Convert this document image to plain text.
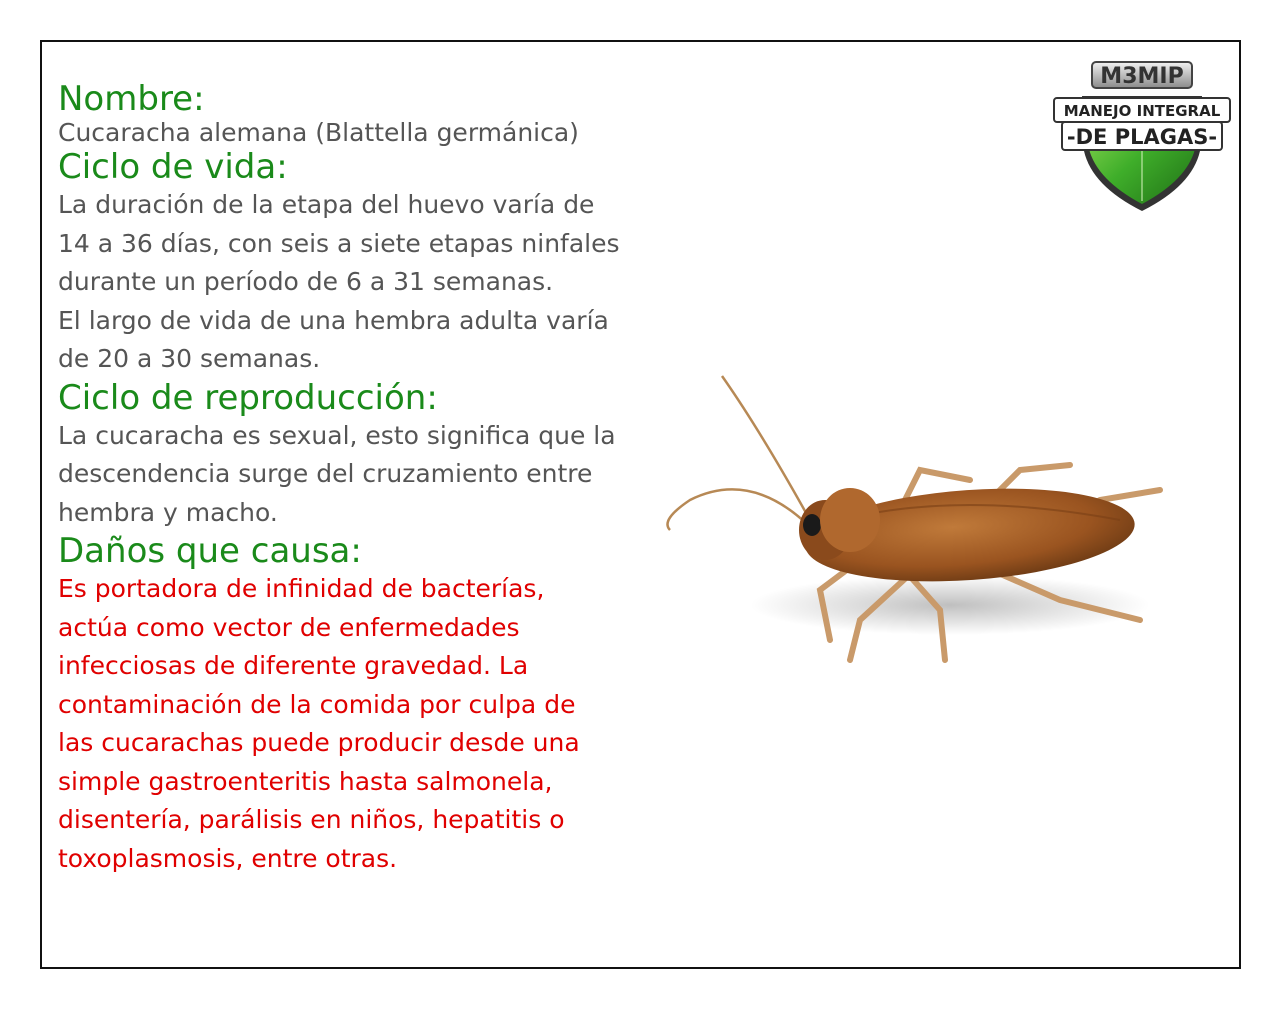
Nombre:

Cucaracha alemana (Blattella germánica)

Ciclo de vida:

La duración de la etapa del huevo varía de

14 a 36 días, con seis a siete etapas ninfales

durante un período de 6 a 31 semanas.

El largo de vida de una hembra adulta varía

de 20 a 30 semanas.

Ciclo de reproducción:

La cucaracha es sexual, esto significa que la

descendencia surge del cruzamiento entre

hembra y macho.

Daños que causa:

Es portadora de infinidad de bacterías,

actúa como vector de enfermedades

infecciosas de diferente gravedad. La

contaminación de la comida por culpa de

las cucarachas puede producir desde una

simple gastroenteritis hasta salmonela,

disentería, parálisis en niños, hepatitis o

toxoplasmosis, entre otras.

M3MIP
MANEJO INTEGRAL
-DE PLAGAS-
